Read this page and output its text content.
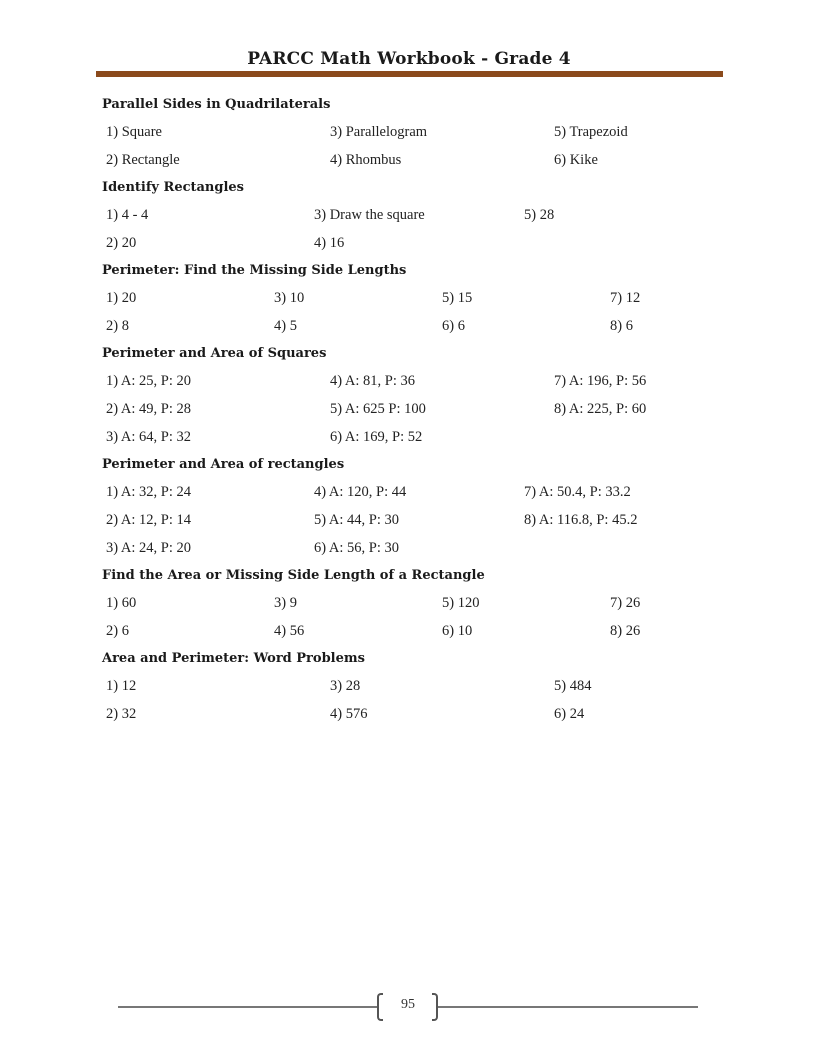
PARCC Math Workbook - Grade 4
Parallel Sides in Quadrilaterals
1) Square	3) Parallelogram	5) Trapezoid
2) Rectangle	4) Rhombus	6) Kike
Identify Rectangles
1) 4 - 4	3) Draw the square	5) 28
2) 20	4) 16
Perimeter: Find the Missing Side Lengths
1) 20	3) 10	5) 15	7) 12
2) 8	4) 5	6) 6	8) 6
Perimeter and Area of Squares
1) A: 25, P: 20	4) A: 81, P: 36	7) A: 196, P: 56
2) A: 49, P: 28	5) A: 625 P: 100	8) A: 225, P: 60
3) A: 64, P: 32	6) A: 169, P: 52
Perimeter and Area of rectangles
1) A: 32, P: 24	4) A: 120, P: 44	7) A: 50.4, P: 33.2
2) A: 12, P: 14	5) A: 44, P: 30	8) A: 116.8, P: 45.2
3) A: 24, P: 20	6) A: 56, P: 30
Find the Area or Missing Side Length of a Rectangle
1) 60	3) 9	5) 120	7) 26
2) 6	4) 56	6) 10	8) 26
Area and Perimeter: Word Problems
1) 12	3) 28	5) 484
2) 32	4) 576	6) 24
95
